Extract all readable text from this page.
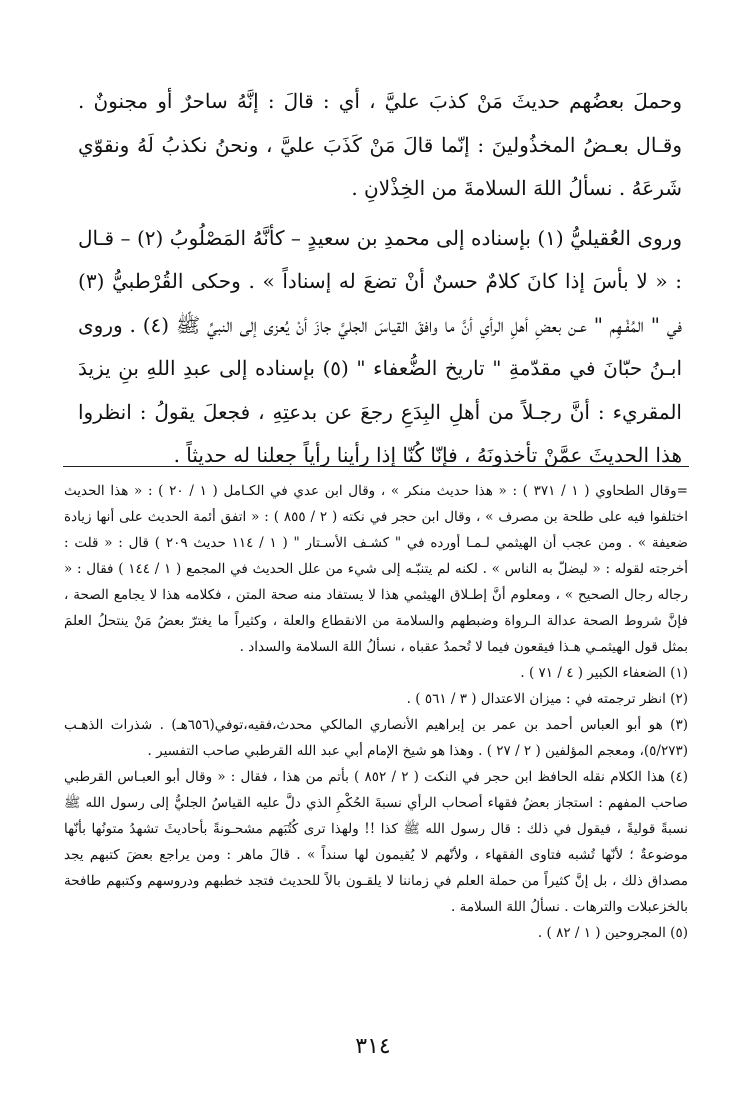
وحملَ بعضُهم حديثَ مَنْ كذبَ عليَّ ، أي : قالَ : إنَّهُ ساحرٌ أو مجنونٌ . وقـال بعـضُ المخذُولينَ : إنّما قالَ مَنْ كَذَبَ عليَّ ، ونحنُ نكذبُ لَهُ ونقوّي شَرعَهُ . نسألُ اللهَ السلامةَ من الخِذْلانِ .

وروى العُقيليُّ (١) بإسناده إلى محمدِ بن سعيدٍ – كأنَّهُ المَصْلُوبُ (٢) – قـال : « لا بأسَ إذا كانَ كلامٌ حسنٌ أنْ تضعَ له إسناداً » . وحكى القُرْطبيُّ (٣) في " المُفْـهِم " عـن بعضِ أهلِ الرأي أنَّ ما وافقَ القياسَ الجليَّ جازَ أنْ يُعزى إلى النبيِّ ﷺ (٤) . وروى ابـنُ حبّانَ في مقدّمةِ " تاريخ الضُّعفاء " (٥) بإسناده إلى عبدِ اللهِ بنِ يزيدَ المقريء : أنَّ رجـلاً من أهلِ البِدَعِ رجعَ عن بدعتِهِ ، فجعلَ يقولُ : انظروا هذا الحديثَ عمَّنْ تأخذونَهُ ، فإنّا كُنّا إذا رأينا رأياً جعلنا له حديثاً .

=وقال الطحاوي ( ١ / ٣٧١ ) : « هذا حديث منكر » ، وقال ابن عدي في الكـامل ( ١ / ٢٠ ) : « هذا الحديث اختلفوا فيه على طلحة بن مصرف » ، وقال ابن حجر في نكته ( ٢ / ٨٥٥ ) : « اتفق أئمة الحديث على أنها زيادة ضعيفة » . ومن عجب أن الهيثمي لـمـا أورده في " كشـف الأسـتار " ( ١ / ١١٤ حديث ٢٠٩ ) قال : « قلت : أخرجته لقوله : « ليضلّ به الناس » . لكنه لم يتنبّـه إلى شيء من علل الحديث في المجمع ( ١ / ١٤٤ ) فقال : « رجاله رجال الصحيح » ، ومعلوم أنَّ إطـلاق الهيثمي هذا لا يستفاد منه صحة المتن ، فكلامه هذا لا يجامع الصحة ، فإنَّ شروط الصحة عدالة الـرواة وضبطهم والسلامة من الانقطاع والعلة ، وكثيراً ما يغترّ بعضُ مَنْ ينتحلُ العلمَ بمثل قول الهيثمـي هـذا فيقعون فيما لا تُحمدُ عقباه ، نسألُ اللهَ السلامة والسداد .

(١) الضعفاء الكبير ( ٤ / ٧١ ) .

(٢) انظر ترجمته في : ميزان الاعتدال ( ٣ / ٥٦١ ) .

(٣) هو أبو العباس أحمد بن عمر بن إبراهيم الأنصاري المالكي محدث،فقيه،توفي(٦٥٦هـ) . شذرات الذهـب (٥/٢٧٣)، ومعجم المؤلفين ( ٢ / ٢٧ ) . وهذا هو شيخ الإمام أبي عبد الله القرطبي صاحب التفسير .

(٤) هذا الكلام نقله الحافظ ابن حجر في النكت ( ٢ / ٨٥٢ ) بأتم من هذا ، فقال : « وقال أبو العبـاس القرطبي صاحب المفهم : استجاز بعضُ فقهاء أصحاب الرأي نسبةَ الحُكْمِ الذي دلَّ عليه القياسُ الجليُّ إلى رسول الله ﷺ نسبةً قوليةً ، فيقول في ذلك : قال رسول الله ﷺ كذا !! ولهذا ترى كُتُبَهم مشحـونةً بأحاديثَ تشهدُ متونُها بأنّها موضوعةٌ ؛ لأنّها تُشبه فتاوى الفقهاء ، ولأنّهم لا يُقيمون لها سنداً » . قالَ ماهر : ومن يراجع بعضَ كتبهم يجد مصداق ذلك ، بل إنَّ كثيراً من حملة العلم في زماننا لا يلقـون بالاً للحديث فتجد خطبهم ودروسهم وكتبهم طافحة بالخزعبلات والترهات . نسألُ اللهَ السلامة .

(٥) المجروحين ( ١ / ٨٢ ) .

٣١٤
